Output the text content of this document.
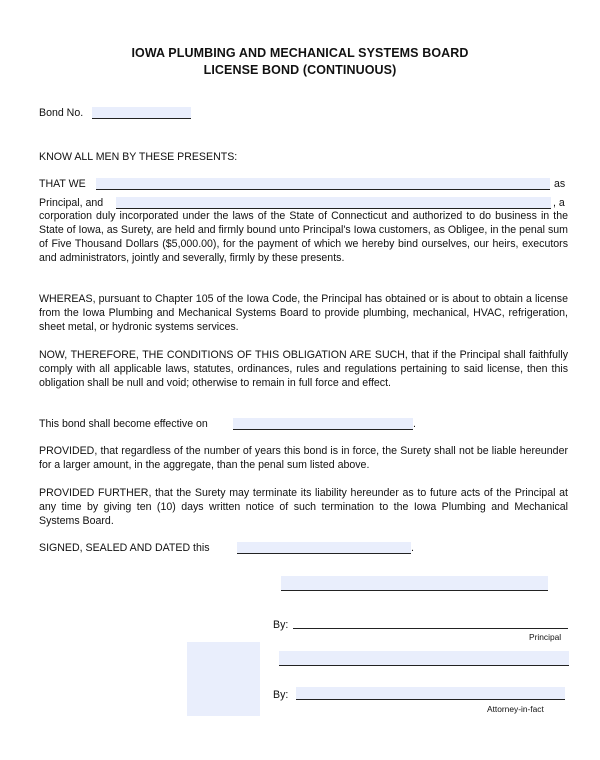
IOWA PLUMBING AND MECHANICAL SYSTEMS BOARD
LICENSE BOND (CONTINUOUS)
Bond No.
KNOW ALL MEN BY THESE PRESENTS:
THAT WE	as
Principal, and	, a

corporation duly incorporated under the laws of the State of Connecticut and authorized to do business in the State of Iowa, as Surety, are held and firmly bound unto Principal's Iowa customers, as Obligee, in the penal sum of Five Thousand Dollars ($5,000.00), for the payment of which we hereby bind ourselves, our heirs, executors and administrators, jointly and severally, firmly by these presents.

WHEREAS, pursuant to Chapter 105 of the Iowa Code, the Principal has obtained or is about to obtain a license from the Iowa Plumbing and Mechanical Systems Board to provide plumbing, mechanical, HVAC, refrigeration, sheet metal, or hydronic systems services.

NOW, THEREFORE, THE CONDITIONS OF THIS OBLIGATION ARE SUCH, that if the Principal shall faithfully comply with all applicable laws, statutes, ordinances, rules and regulations pertaining to said license, then this obligation shall be null and void; otherwise to remain in full force and effect.

This bond shall become effective on	.

PROVIDED, that regardless of the number of years this bond is in force, the Surety shall not be liable hereunder for a larger amount, in the aggregate, than the penal sum listed above.

PROVIDED FURTHER, that the Surety may terminate its liability hereunder as to future acts of the Principal at any time by giving ten (10) days written notice of such termination to the Iowa Plumbing and Mechanical Systems Board.

SIGNED, SEALED AND DATED this	.
By:
Principal
By:
Attorney-in-fact
